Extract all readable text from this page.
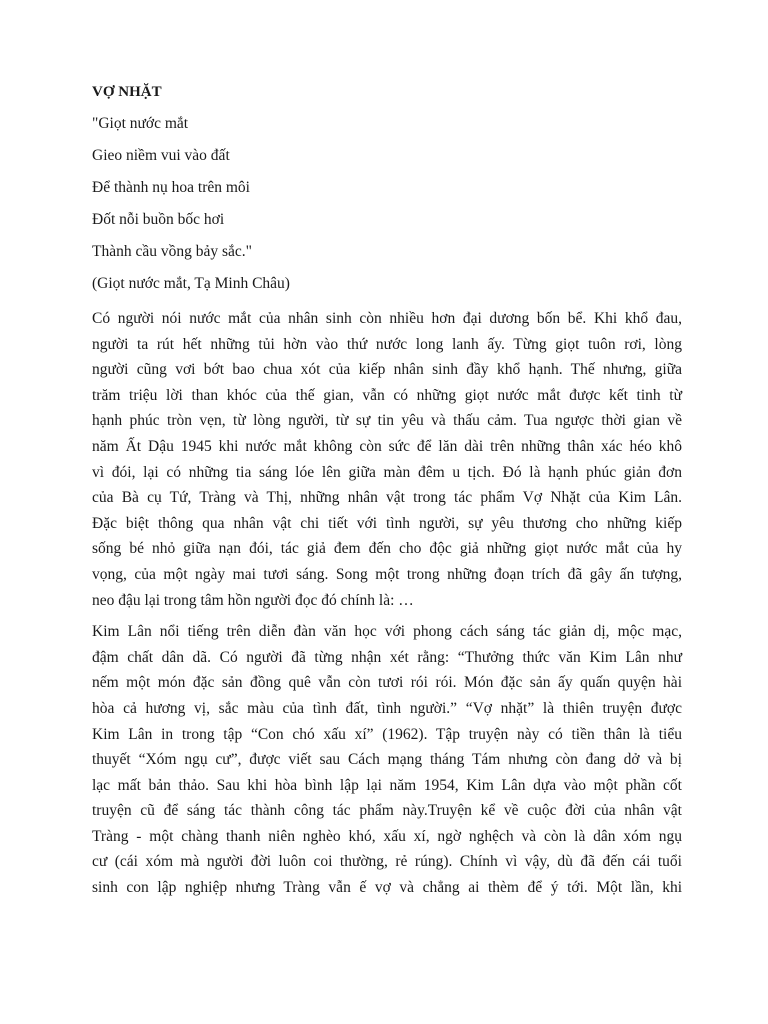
VỢ NHẶT
"Giọt nước mắt
Gieo niềm vui vào đất
Để thành nụ hoa trên môi
Đốt nỗi buồn bốc hơi
Thành cầu vồng bảy sắc."
(Giọt nước mắt, Tạ Minh Châu)
Có người nói nước mắt của nhân sinh còn nhiều hơn đại dương bốn bể. Khi khổ đau,
người ta rút hết những tủi hờn vào thứ nước long lanh ấy. Từng giọt tuôn rơi, lòng
người cũng vơi bớt bao chua xót của kiếp nhân sinh đầy khổ hạnh. Thế nhưng, giữa
trăm triệu lời than khóc của thế gian, vẫn có những giọt nước mắt được kết tinh từ
hạnh phúc tròn vẹn, từ lòng người, từ sự tin yêu và thấu cảm. Tua ngược thời gian về
năm Ất Dậu 1945 khi nước mắt không còn sức để lăn dài trên những thân xác héo khô
vì đói, lại có những tia sáng lóe lên giữa màn đêm u tịch. Đó là hạnh phúc giản đơn
của Bà cụ Tứ, Tràng và Thị, những nhân vật trong tác phẩm Vợ Nhặt của Kim Lân.
Đặc biệt thông qua nhân vật chi tiết với tình người, sự yêu thương cho những kiếp
sống bé nhỏ giữa nạn đói, tác giả đem đến cho độc giả những giọt nước mắt của hy
vọng, của một ngày mai tươi sáng. Song một trong những đoạn trích đã gây ấn tượng,
neo đậu lại trong tâm hồn người đọc đó chính là: …
Kim Lân nổi tiếng trên diễn đàn văn học với phong cách sáng tác giản dị, mộc mạc,
đậm chất dân dã. Có người đã từng nhận xét rằng: “Thưởng thức văn Kim Lân như
nếm một món đặc sản đồng quê vẫn còn tươi rói rói. Món đặc sản ấy quấn quyện hài
hòa cả hương vị, sắc màu của tình đất, tình người.” “Vợ nhặt” là thiên truyện được
Kim Lân in trong tập “Con chó xấu xí” (1962). Tập truyện này có tiền thân là tiểu
thuyết “Xóm ngụ cư”, được viết sau Cách mạng tháng Tám nhưng còn đang dở và bị
lạc mất bản thảo. Sau khi hòa bình lập lại năm 1954, Kim Lân dựa vào một phần cốt
truyện cũ để sáng tác thành công tác phẩm này.Truyện kể về cuộc đời của nhân vật
Tràng - một chàng thanh niên nghèo khó, xấu xí, ngờ nghệch và còn là dân xóm ngụ
cư (cái xóm mà người đời luôn coi thường, rẻ rúng). Chính vì vậy, dù đã đến cái tuổi
sinh con lập nghiệp nhưng Tràng vẫn ế vợ và chẳng ai thèm để ý tới. Một lần, khi
